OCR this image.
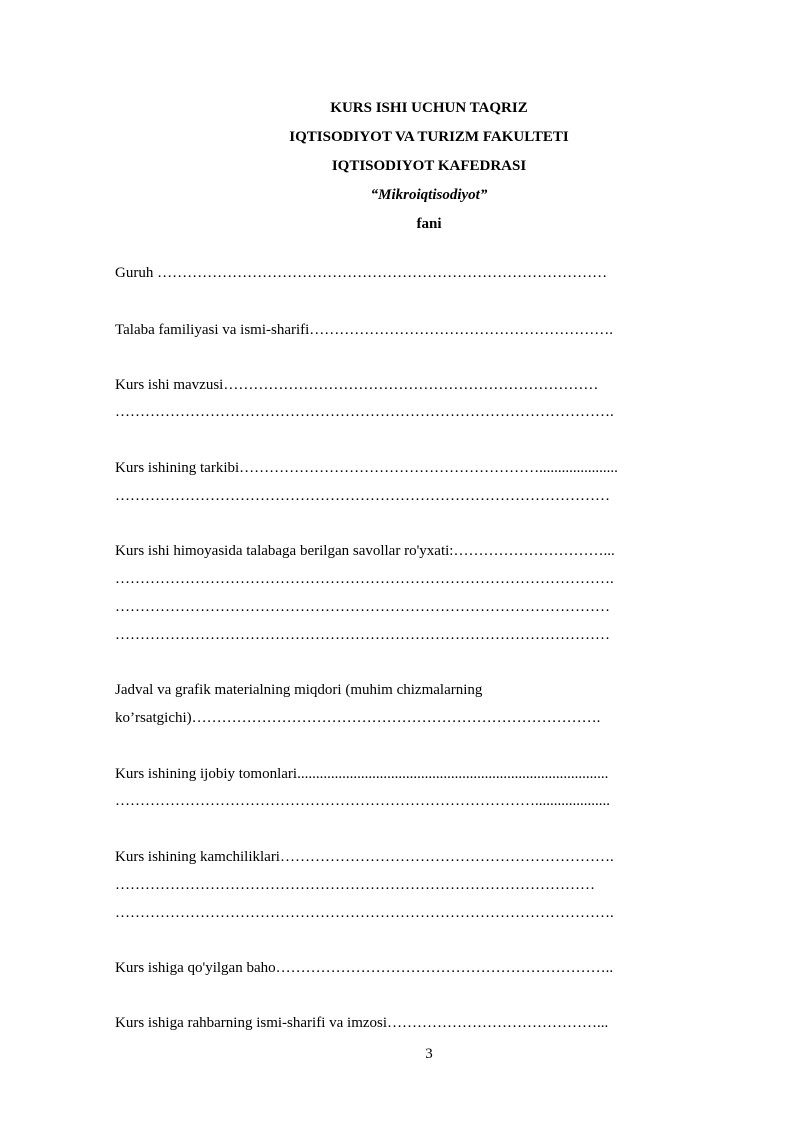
KURS ISHI UCHUN TAQRIZ
IQTISODIYOT VA TURIZM FAKULTETI
IQTISODIYOT KAFEDRASI
“Mikroiqtisodiyot”
fani
Guruh ………………………………………………………………………………
Talaba familiyasi va ismi-sharifi…………………………………………………….
Kurs ishi mavzusi…………………………………………………………………
……………………………………………………………………………………….
Kurs ishining tarkibi…………………………………………………….....................
………………………………………………………………………………………
Kurs ishi himoyasida talabaga berilgan savollar ro'yxati:…………………………...
……………………………………………………………………………………….
………………………………………………………………………………………
………………………………………………………………………………………
Jadval va grafik materialning miqdori (muhim chizmalarning
ko’rsatgichi)……………………………………………………………………….
Kurs ishining ijobiy tomonlari...................................................................................
…………………………………………………………………………....................
Kurs ishining kamchiliklari………………………………………………………….
……………………………………………………………………………………
……………………………………………………………………………………….
Kurs ishiga qo'yilgan baho…………………………………………………………..
Kurs ishiga rahbarning ismi-sharifi va imzosi……………………………………...
3
